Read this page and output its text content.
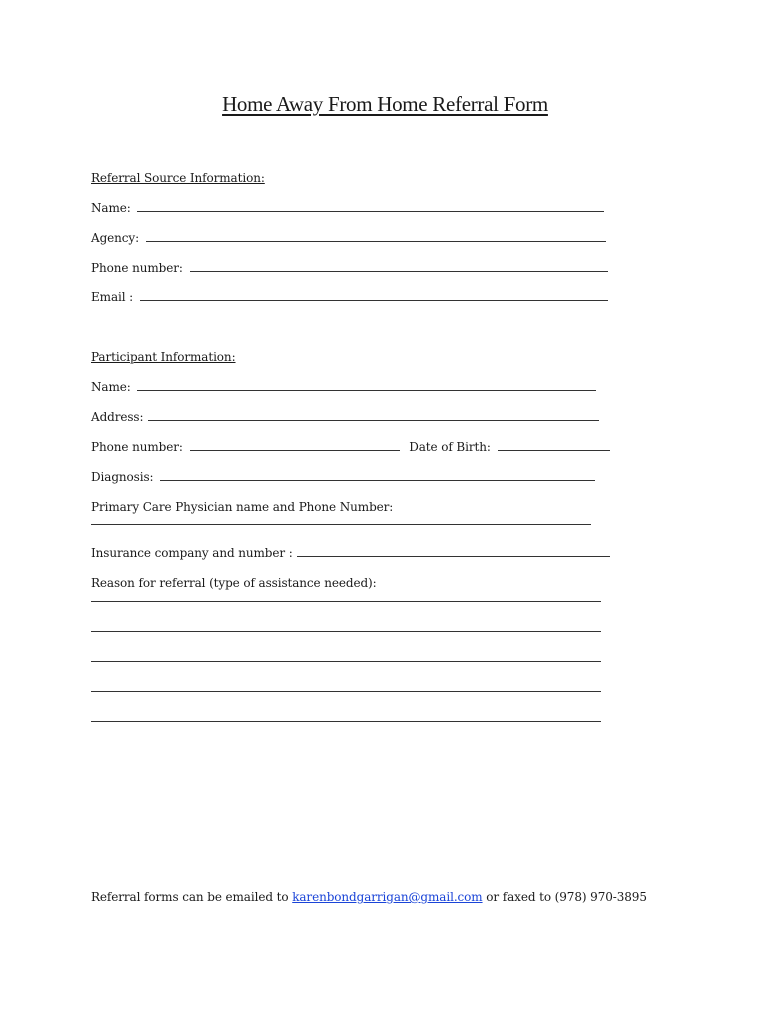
Home Away From Home Referral Form
Referral Source Information:
Name:
Agency:
Phone number:
Email :
Participant Information:
Name:
Address:
Phone number:	Date of Birth:
Diagnosis:
Primary Care Physician name and Phone Number:
Insurance company and number :
Reason for referral (type of assistance needed):
Referral forms can be emailed to karenbondgarrigan@gmail.com or faxed to (978) 970-3895
